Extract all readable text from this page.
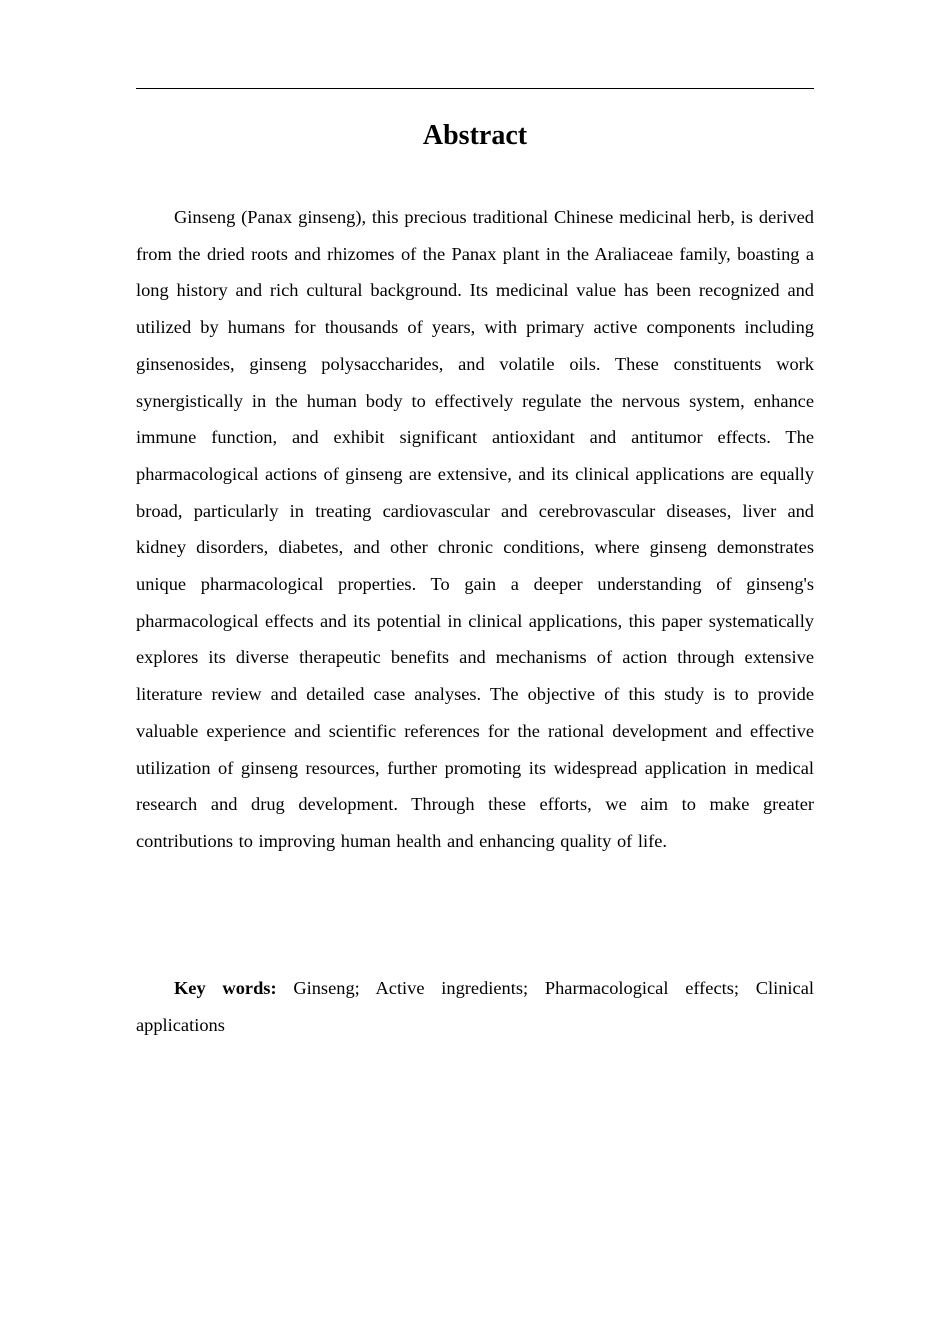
Abstract

Ginseng (Panax ginseng), this precious traditional Chinese medicinal herb, is derived from the dried roots and rhizomes of the Panax plant in the Araliaceae family, boasting a long history and rich cultural background. Its medicinal value has been recognized and utilized by humans for thousands of years, with primary active components including ginsenosides, ginseng polysaccharides, and volatile oils. These constituents work synergistically in the human body to effectively regulate the nervous system, enhance immune function, and exhibit significant antioxidant and antitumor effects. The pharmacological actions of ginseng are extensive, and its clinical applications are equally broad, particularly in treating cardiovascular and cerebrovascular diseases, liver and kidney disorders, diabetes, and other chronic conditions, where ginseng demonstrates unique pharmacological properties. To gain a deeper understanding of ginseng's pharmacological effects and its potential in clinical applications, this paper systematically explores its diverse therapeutic benefits and mechanisms of action through extensive literature review and detailed case analyses. The objective of this study is to provide valuable experience and scientific references for the rational development and effective utilization of ginseng resources, further promoting its widespread application in medical research and drug development. Through these efforts, we aim to make greater contributions to improving human health and enhancing quality of life.

Key words: Ginseng; Active ingredients; Pharmacological effects; Clinical applications
